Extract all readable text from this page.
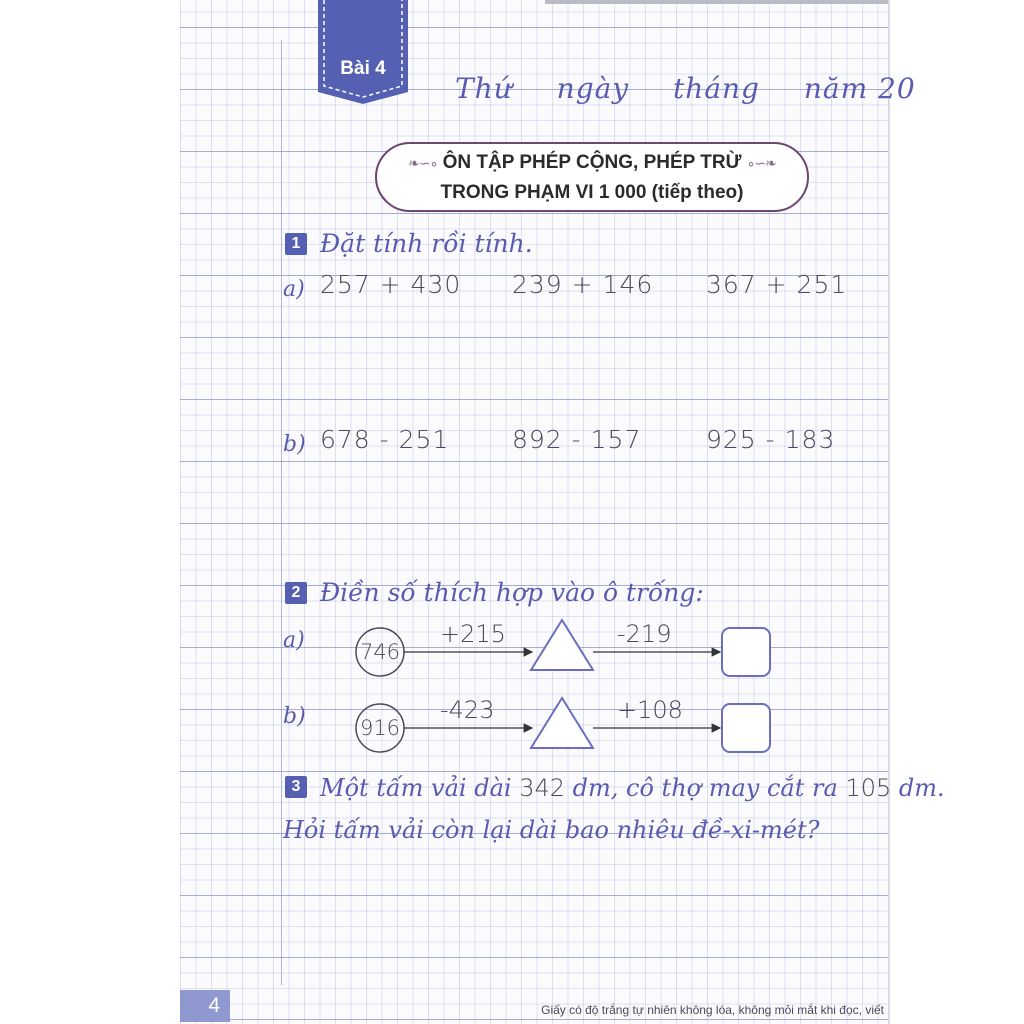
Bài 4
Thứ ngày tháng năm 20
❧∽∘ ÔN TẬP PHÉP CỘNG, PHÉP TRỪ ∘∽❧
TRONG PHẠM VI 1 000 (tiếp theo)
1 Đặt tính rồi tính.
a) 257 + 430 239 + 146 367 + 251
b) 678 - 251	892 - 157	925 - 183
2 Điền số thích hợp vào ô trống:
a)
b)
746
+215	-219
916
-423	+108
3 Một tấm vải dài 342 dm, cô thợ may cắt ra 105 dm.
Hỏi tấm vải còn lại dài bao nhiêu đề-xi-mét?
4	Giấy có độ trắng tự nhiên không lóa, không mỏi mắt khi đọc, viết
